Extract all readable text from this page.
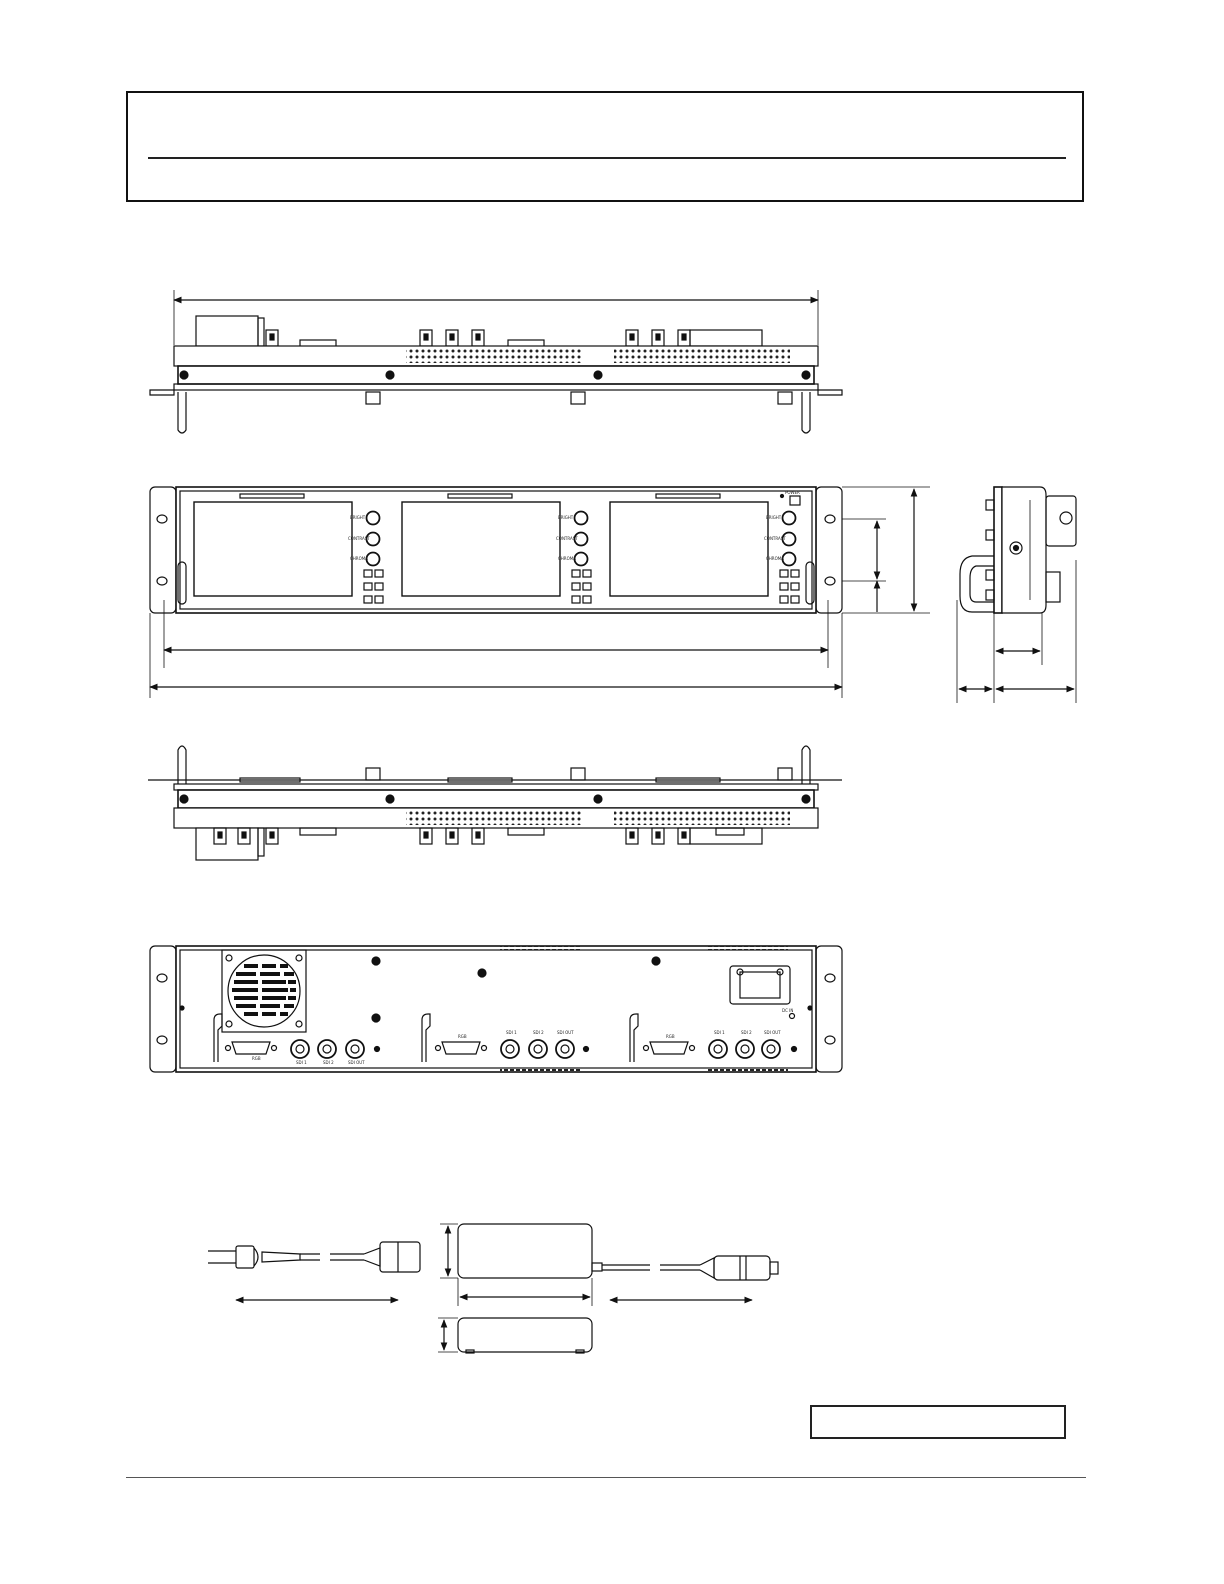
BRIGHT
CONTRAST
CHROMA
BRIGHT
CONTRAST
CHROMA
BRIGHT
CONTRAST
CHROMA
POWER
RGB
SDI 1	SDI 2	SDI OUT
RGB
SDI 1	SDI 2	SDI OUT
RGB
SDI 1	SDI 2	SDI OUT
DC IN
